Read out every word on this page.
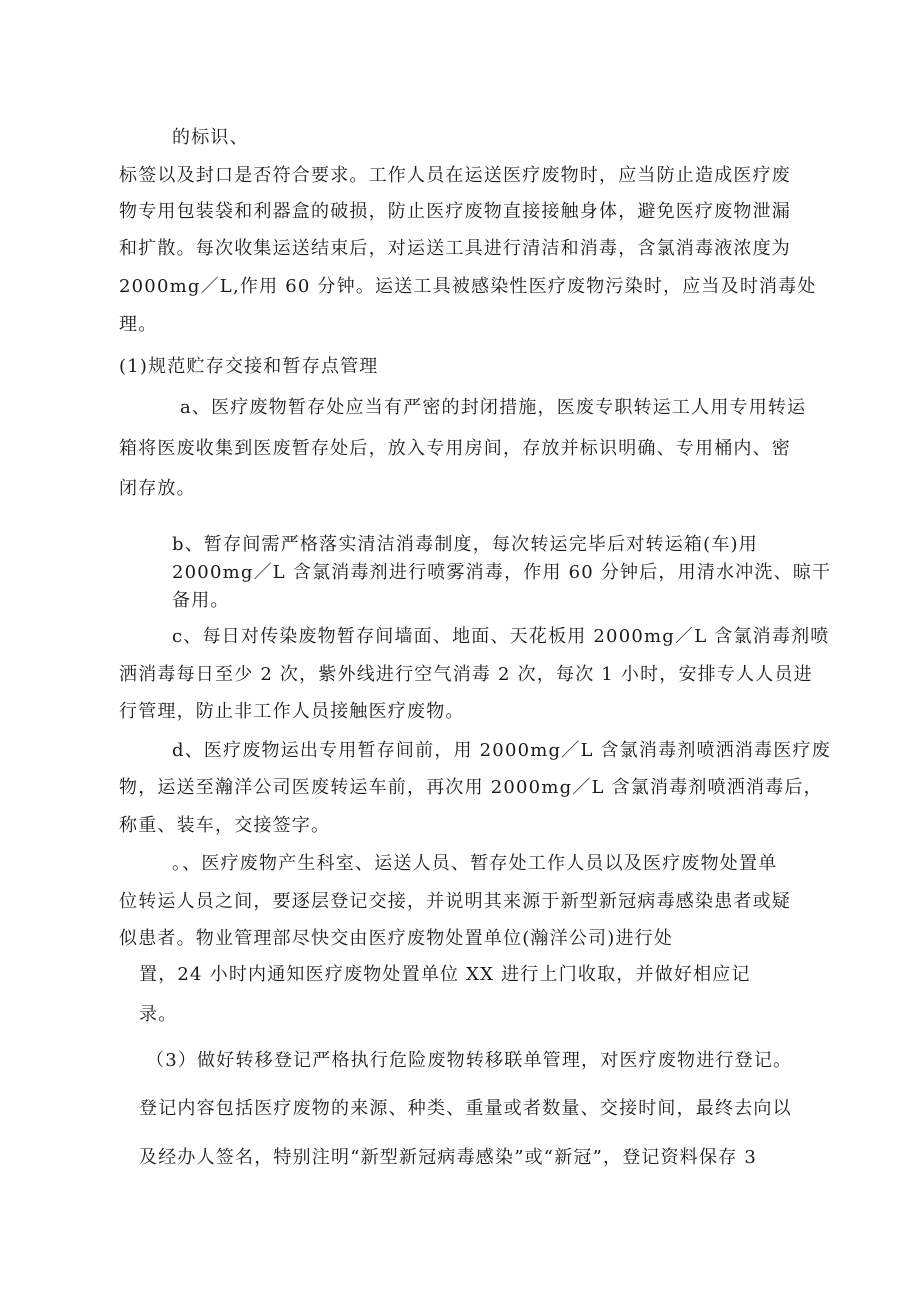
的标识、
标签以及封口是否符合要求。工作人员在运送医疗废物时，应当防止造成医疗废
物专用包装袋和利器盒的破损，防止医疗废物直接接触身体，避免医疗废物泄漏
和扩散。每次收集运送结束后，对运送工具进行清洁和消毒，含氯消毒液浓度为
2000mg／L,作用 60 分钟。运送工具被感染性医疗废物污染时，应当及时消毒处
理。
(1)规范贮存交接和暂存点管理
a、医疗废物暂存处应当有严密的封闭措施，医废专职转运工人用专用转运
箱将医废收集到医废暂存处后，放入专用房间，存放并标识明确、专用桶内、密
闭存放。
b、暂存间需严格落实清洁消毒制度，每次转运完毕后对转运箱(车)用
2000mg／L 含氯消毒剂进行喷雾消毒，作用 60 分钟后，用清水冲洗、晾干
备用。
c、每日对传染废物暂存间墙面、地面、天花板用 2000mg／L 含氯消毒剂喷
洒消毒每日至少 2 次，紫外线进行空气消毒 2 次，每次 1 小时，安排专人人员进
行管理，防止非工作人员接触医疗废物。
d、医疗废物运出专用暂存间前，用 2000mg／L 含氯消毒剂喷洒消毒医疗废
物，运送至瀚洋公司医废转运车前，再次用 2000mg／L 含氯消毒剂喷洒消毒后，
称重、装车，交接签字。
。、医疗废物产生科室、运送人员、暂存处工作人员以及医疗废物处置单
位转运人员之间，要逐层登记交接，并说明其来源于新型新冠病毒感染患者或疑
似患者。物业管理部尽快交由医疗废物处置单位(瀚洋公司)进行处
置，24 小时内通知医疗废物处置单位 XX 进行上门收取，并做好相应记
录。
（3）做好转移登记严格执行危险废物转移联单管理，对医疗废物进行登记。
登记内容包括医疗废物的来源、种类、重量或者数量、交接时间，最终去向以
及经办人签名，特别注明“新型新冠病毒感染”或“新冠”，登记资料保存 3
